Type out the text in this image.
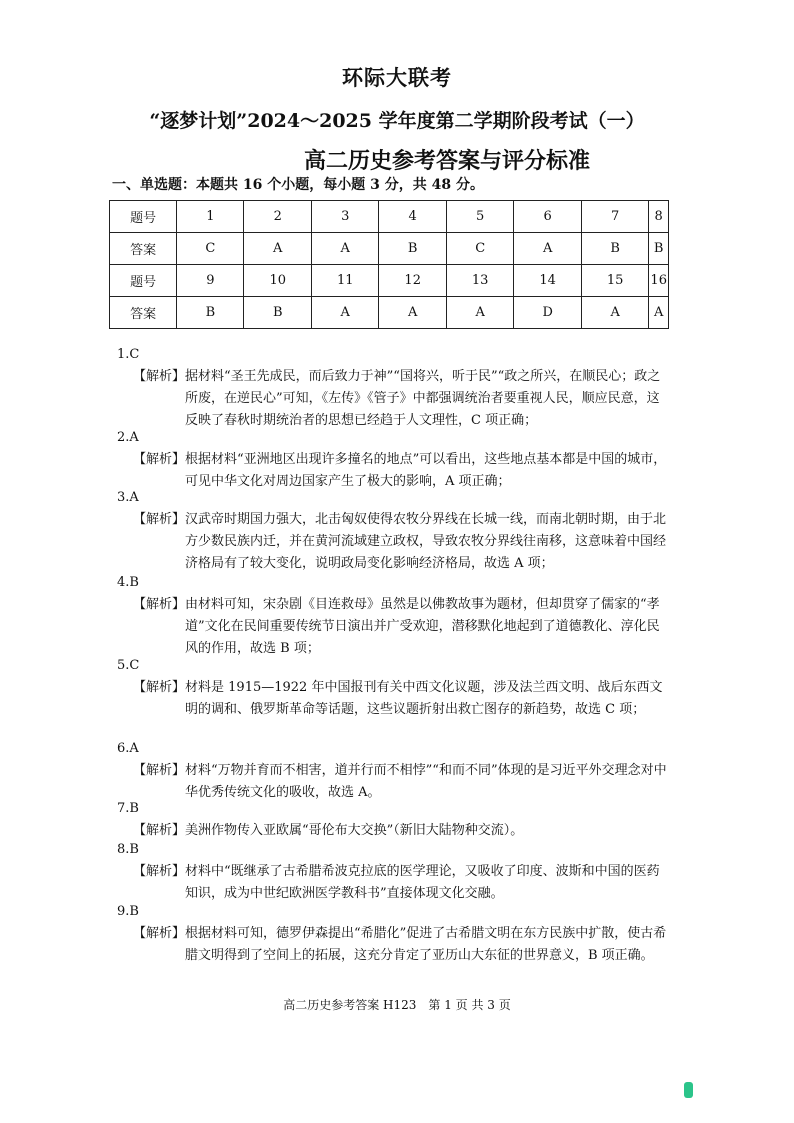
环际大联考
“逐梦计划”2024～2025 学年度第二学期阶段考试（一）
高二历史参考答案与评分标准
一、单选题：本题共 16 个小题，每小题 3 分，共 48 分。
题号	1	2	3	4	5	6	7	8
答案	C	A	A	B	C	A	B	B
题号	9	10	11	12	13	14	15	16
答案	B	B	A	A	A	D	A	A
1.C
【解析】据材料“圣王先成民，而后致力于神”“国将兴，听于民”“政之所兴，在顺民心；政之所废，在逆民心”可知，《左传》《管子》中都强调统治者要重视人民，顺应民意，这反映了春秋时期统治者的思想已经趋于人文理性，C 项正确；
2.A
【解析】根据材料“亚洲地区出现许多撞名的地点”可以看出，这些地点基本都是中国的城市，可见中华文化对周边国家产生了极大的影响，A 项正确；
3.A
【解析】汉武帝时期国力强大，北击匈奴使得农牧分界线在长城一线，而南北朝时期，由于北方少数民族内迁，并在黄河流域建立政权，导致农牧分界线往南移，这意味着中国经济格局有了较大变化，说明政局变化影响经济格局，故选 A 项；
4.B
【解析】由材料可知，宋杂剧《目连救母》虽然是以佛教故事为题材，但却贯穿了儒家的“孝道”文化在民间重要传统节日演出并广受欢迎，潜移默化地起到了道德教化、淳化民风的作用，故选 B 项；
5.C
【解析】材料是 1915—1922 年中国报刊有关中西文化议题，涉及法兰西文明、战后东西文明的调和、俄罗斯革命等话题，这些议题折射出救亡图存的新趋势，故选 C 项；
6.A
【解析】材料“万物并育而不相害，道并行而不相悖”“和而不同”体现的是习近平外交理念对中华优秀传统文化的吸收，故选 A。
7.B
【解析】美洲作物传入亚欧属“哥伦布大交换”（新旧大陆物种交流）。
8.B
【解析】材料中“既继承了古希腊希波克拉底的医学理论，又吸收了印度、波斯和中国的医药知识，成为中世纪欧洲医学教科书”直接体现文化交融。
9.B
【解析】根据材料可知，德罗伊森提出“希腊化”促进了古希腊文明在东方民族中扩散，使古希腊文明得到了空间上的拓展，这充分肯定了亚历山大东征的世界意义，B 项正确。
高二历史参考答案 H123　第 1 页 共 3 页
